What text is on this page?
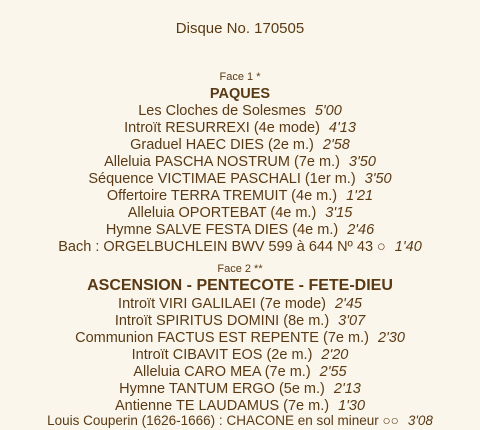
Disque No. 170505
Face 1 *
PAQUES
Les Cloches de Solesmes 5'00
Introït RESURREXI (4e mode) 4'13
Graduel HAEC DIES (2e m.) 2'58
Alleluia PASCHA NOSTRUM (7e m.) 3'50
Séquence VICTIMAE PASCHALI (1er m.) 3'50
Offertoire TERRA TREMUIT (4e m.) 1'21
Alleluia OPORTEBAT (4e m.) 3'15
Hymne SALVE FESTA DIES (4e m.) 2'46
Bach : ORGELBUCHLEIN BWV 599 à 644 Nº 43 ○ 1'40
Face 2 **
ASCENSION - PENTECOTE - FETE-DIEU
Introït VIRI GALILAEI (7e mode) 2'45
Introït SPIRITUS DOMINI (8e m.) 3'07
Communion FACTUS EST REPENTE (7e m.) 2'30
Introït CIBAVIT EOS (2e m.) 2'20
Alleluia CARO MEA (7e m.) 2'55
Hymne TANTUM ERGO (5e m.) 2'13
Antienne TE LAUDAMUS (7e m.) 1'30
Louis Couperin (1626-1666) : CHACONE en sol mineur ○○ 3'08
